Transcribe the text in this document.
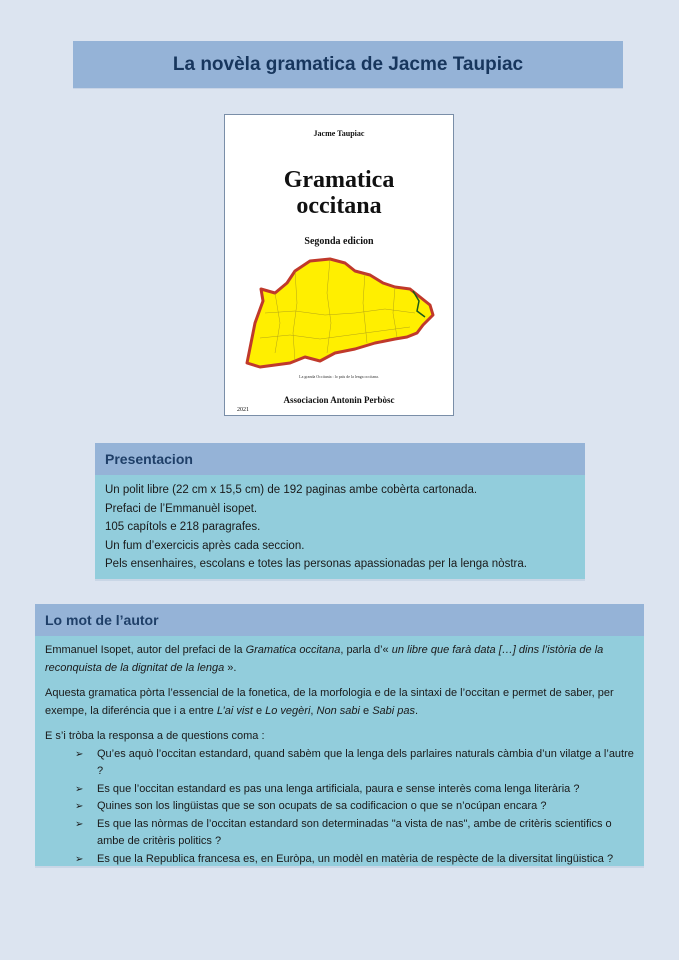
La novèla gramatica de Jacme Taupiac
Jacme Taupiac
Gramatica
occitana
Segonda edicion
La granda Occitania : lo païs de la lenga occitana.
Associacion Antonin Perbòsc
2021
Presentacion

Un polit libre (22 cm x 15,5 cm) de 192 paginas ambe cobèrta cartonada.

Prefaci de l’Emmanuèl isopet.

105 capítols e 218 paragrafes.

Un fum d’exercicis après cada seccion.

Pels ensenhaires, escolans e totes las personas apassionadas per la lenga nòstra.

Lo mot de l’autor

Emmanuel Isopet, autor del prefaci de la Gramatica occitana, parla d’« un libre que farà data […] dins l’istòria de la reconquista de la dignitat de la lenga ».

Aquesta gramatica pòrta l’essencial de la fonetica, de la morfologia e de la sintaxi de l’occitan e permet de saber, per exempe, la diferéncia que i a entre L’ai vist e Lo vegèri, Non sabi e Sabi pas.

E s’i tròba la responsa a de questions coma :
➢ Qu’es aquò l’occitan estandard, quand sabèm que la lenga dels parlaires naturals càmbia d’un vilatge a l’autre ?
➢ Es que l’occitan estandard es pas una lenga artificiala, paura e sense interès coma lenga literària ?
➢ Quines son los lingüistas que se son ocupats de sa codificacion o que se n’ocúpan encara ?
➢ Es que las nòrmas de l’occitan estandard son determinadas "a vista de nas", ambe de critèris scientifics o ambe de critèris politics ?
➢ Es que la Republica francesa es, en Euròpa, un modèl en matèria de respècte de la diversitat lingüistica ?
